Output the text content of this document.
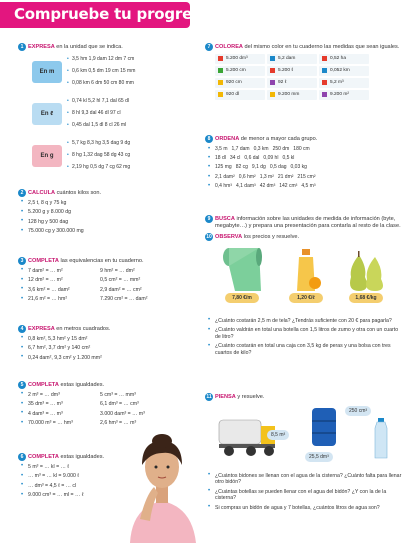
Compruebe tu progreso
1 EXPRESA en la unidad que se indica.
En m
• 3,5 hm 1,9 dam 12 dm 7 cm
• 0,6 km 0,5 dm 19 cm 15 mm
• 0,08 km 6 dm 50 cm 80 mm
En ℓ
• 0,74 kl 5,2 hl 7,1 dal 65 dl
• 8 hl 9,3 dal 46 dl 97 cl
• 0,45 dal 1,5 dl 8 cl 26 ml
En g
• 5,7 kg 8,3 hg 3,5 dag 9 dg
• 8 hg 1,32 dag 58 dg 43 cg
• 2,19 hg 0,5 dg 7 cg 62 mg
2 CALCULA cuántos kilos son.
• 2,5 t, 8 q y 75 kg
• 5.200 g y 8.000 dg
• 128 hg y 500 dag
• 75.000 cg y 300.000 mg
3 COMPLETA las equivalencias en tu cuaderno.
• 7 dam² = … m²	9 hm² = … dm²
• 12 dm² = … m²	0,5 cm² = … mm²
• 3,6 km² = … dam²	2,9 dam² = … cm²
• 21,6 m² = … hm²	7.290 cm² = … dam²
4 EXPRESA en metros cuadrados.
• 0,8 km², 5,3 hm² y 15 dm²
• 6,7 hm², 3,7 dm² y 140 cm²
• 0,24 dam², 9,3 cm² y 1.200 mm²
5 COMPLETA estas igualdades.
• 2 m³ = … dm³	5 cm³ = … mm³
• 35 dm³ = … m³	6,1 dm³ = … cm³
• 4 dam³ = … m³	3.000 dam³ = … m³
• 70.000 m³ = … hm³	2,6 hm³ = … m³
6 COMPLETA estas igualdades.
• 5 m³ = … kl = … ℓ
• … m³ = … kl = 9.000 ℓ
• … dm³ = 4,5 ℓ = … cl
• 9.000 cm³ = … ml = … ℓ
7 COLOREA del mismo color en tu cuaderno las medidas que sean iguales.
5.200 dm³	5,2 dam	0,52 ha
5.200 cm	5.200 ℓ	0,052 km
920 cm	92 ℓ	5,2 m³
920 dl	9.200 mm	9.200 m²
8 ORDENA de menor a mayor cada grupo.
• 3,5 m 1,7 dam 0,3 km 250 dm 180 cm
• 18 dl 34 cl 0,6 dal 0,09 hl 0,5 kl
• 125 mg 82 cg 9,1 dg 0,5 dag 0,03 kg
• 2,1 dam² 0,6 hm² 1,3 m² 21 dm² 215 cm²
• 0,4 hm³ 4,1 dam³ 42 dm³ 142 cm³ 4,5 m³
9 BUSCA información sobre las unidades de medida de información (byte, megabyte…) y prepara una presentación para contarla al resto de la clase.
10 OBSERVA los precios y resuelve.
7,80 €/m	1,20 €/ℓ	1,68 €/kg
• ¿Cuánto costarán 2,5 m de tela? ¿Tendrás suficiente con 20 € para pagarla?
• ¿Cuánto valdrán en total una botella con 1,5 litros de zumo y otra con un cuarto de litro?
• ¿Cuánto costarán en total una caja con 3,5 kg de peras y una bolsa con tres cuartos de kilo?
11 PIENSA y resuelve.
8,5 m³
250 cm³
25,5 dm³
• ¿Cuántos bidones se llenan con el agua de la cisterna? ¿Cuánto falta para llenar otro bidón?
• ¿Cuántas botellas se pueden llenar con el agua del bidón? ¿Y con la de la cisterna?
• Si compras un bidón de agua y 7 botellas, ¿cuántos litros de agua son?
